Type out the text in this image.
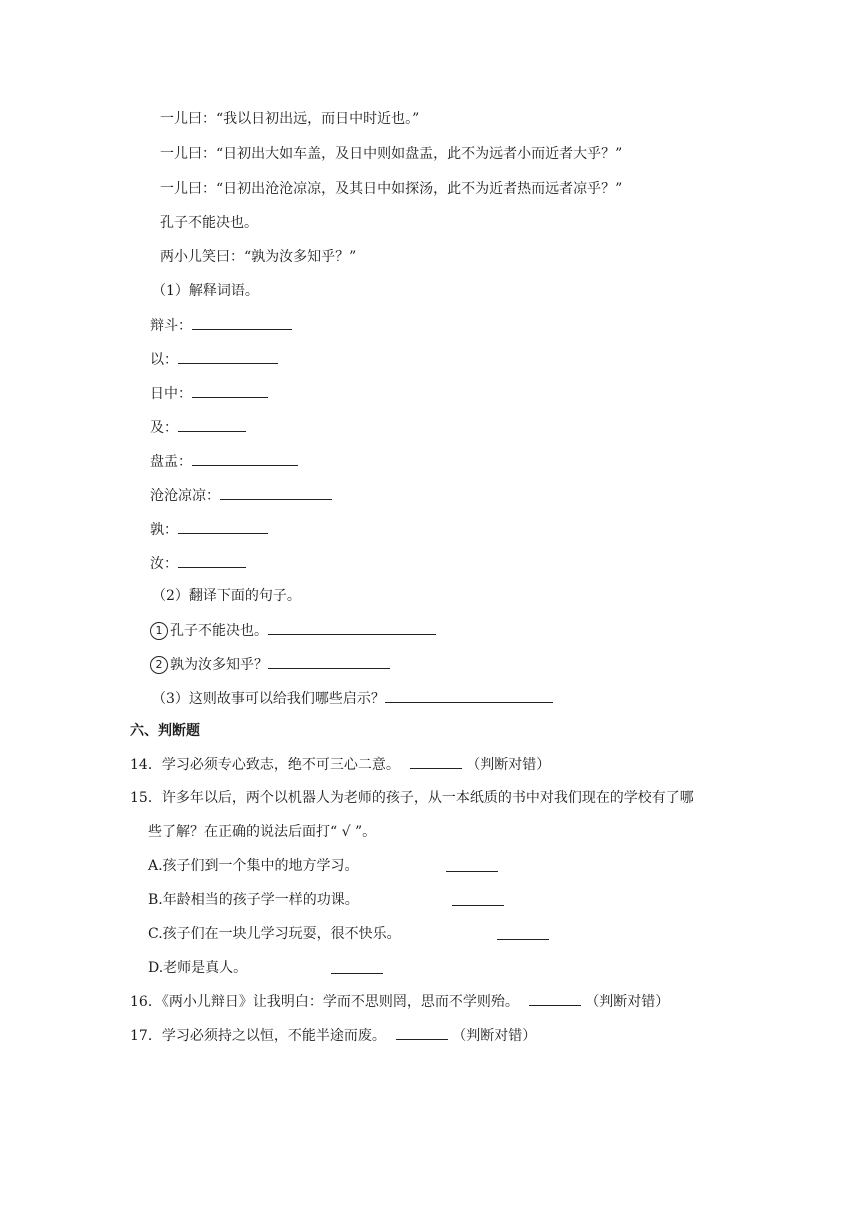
一儿曰：“我以日初出远，而日中时近也。”
一儿曰：“日初出大如车盖，及日中则如盘盂，此不为远者小而近者大乎？”
一儿曰：“日初出沧沧凉凉，及其日中如探汤，此不为近者热而远者凉乎？”
孔子不能决也。
两小儿笑曰：“孰为汝多知乎？”
（1）解释词语。
辩斗：
以：
日中：
及：
盘盂：
沧沧凉凉：
孰：
汝：
（2）翻译下面的句子。
1 孔子不能决也。
2 孰为汝多知乎？
（3）这则故事可以给我们哪些启示？
六、判断题
14．学习必须专心致志，绝不可三心二意。	（判断对错）
15．许多年以后，两个以机器人为老师的孩子，从一本纸质的书中对我们现在的学校有了哪
些了解？在正确的说法后面打“ √ ”。
A.孩子们到一个集中的地方学习。
B.年龄相当的孩子学一样的功课。
C.孩子们在一块儿学习玩耍，很不快乐。
D.老师是真人。
16．《两小儿辩日》让我明白：学而不思则罔，思而不学则殆。	（判断对错）
17．学习必须持之以恒，不能半途而废。	（判断对错）
